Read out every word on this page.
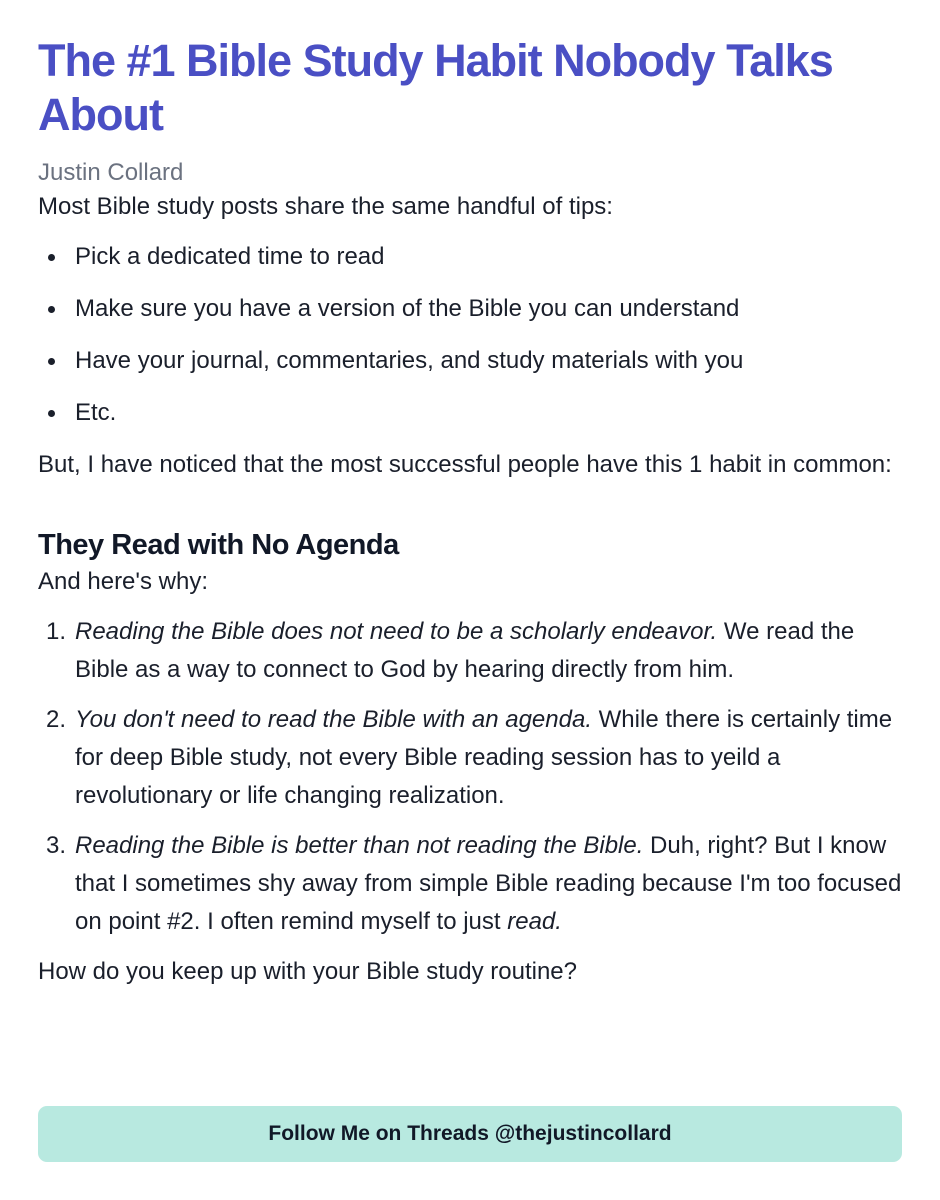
The #1 Bible Study Habit Nobody Talks About
Justin Collard

Most Bible study posts share the same handful of tips:

Pick a dedicated time to read
Make sure you have a version of the Bible you can understand
Have your journal, commentaries, and study materials with you
Etc.

But, I have noticed that the most successful people have this 1 habit in common:

They Read with No Agenda

And here's why:

1. Reading the Bible does not need to be a scholarly endeavor. We read the Bible as a way to connect to God by hearing directly from him.
2. You don't need to read the Bible with an agenda. While there is certainly time for deep Bible study, not every Bible reading session has to yeild a revolutionary or life changing realization.
3. Reading the Bible is better than not reading the Bible. Duh, right? But I know that I sometimes shy away from simple Bible reading because I'm too focused on point #2. I often remind myself to just read.

How do you keep up with your Bible study routine?

Follow Me on Threads @thejustincollard
